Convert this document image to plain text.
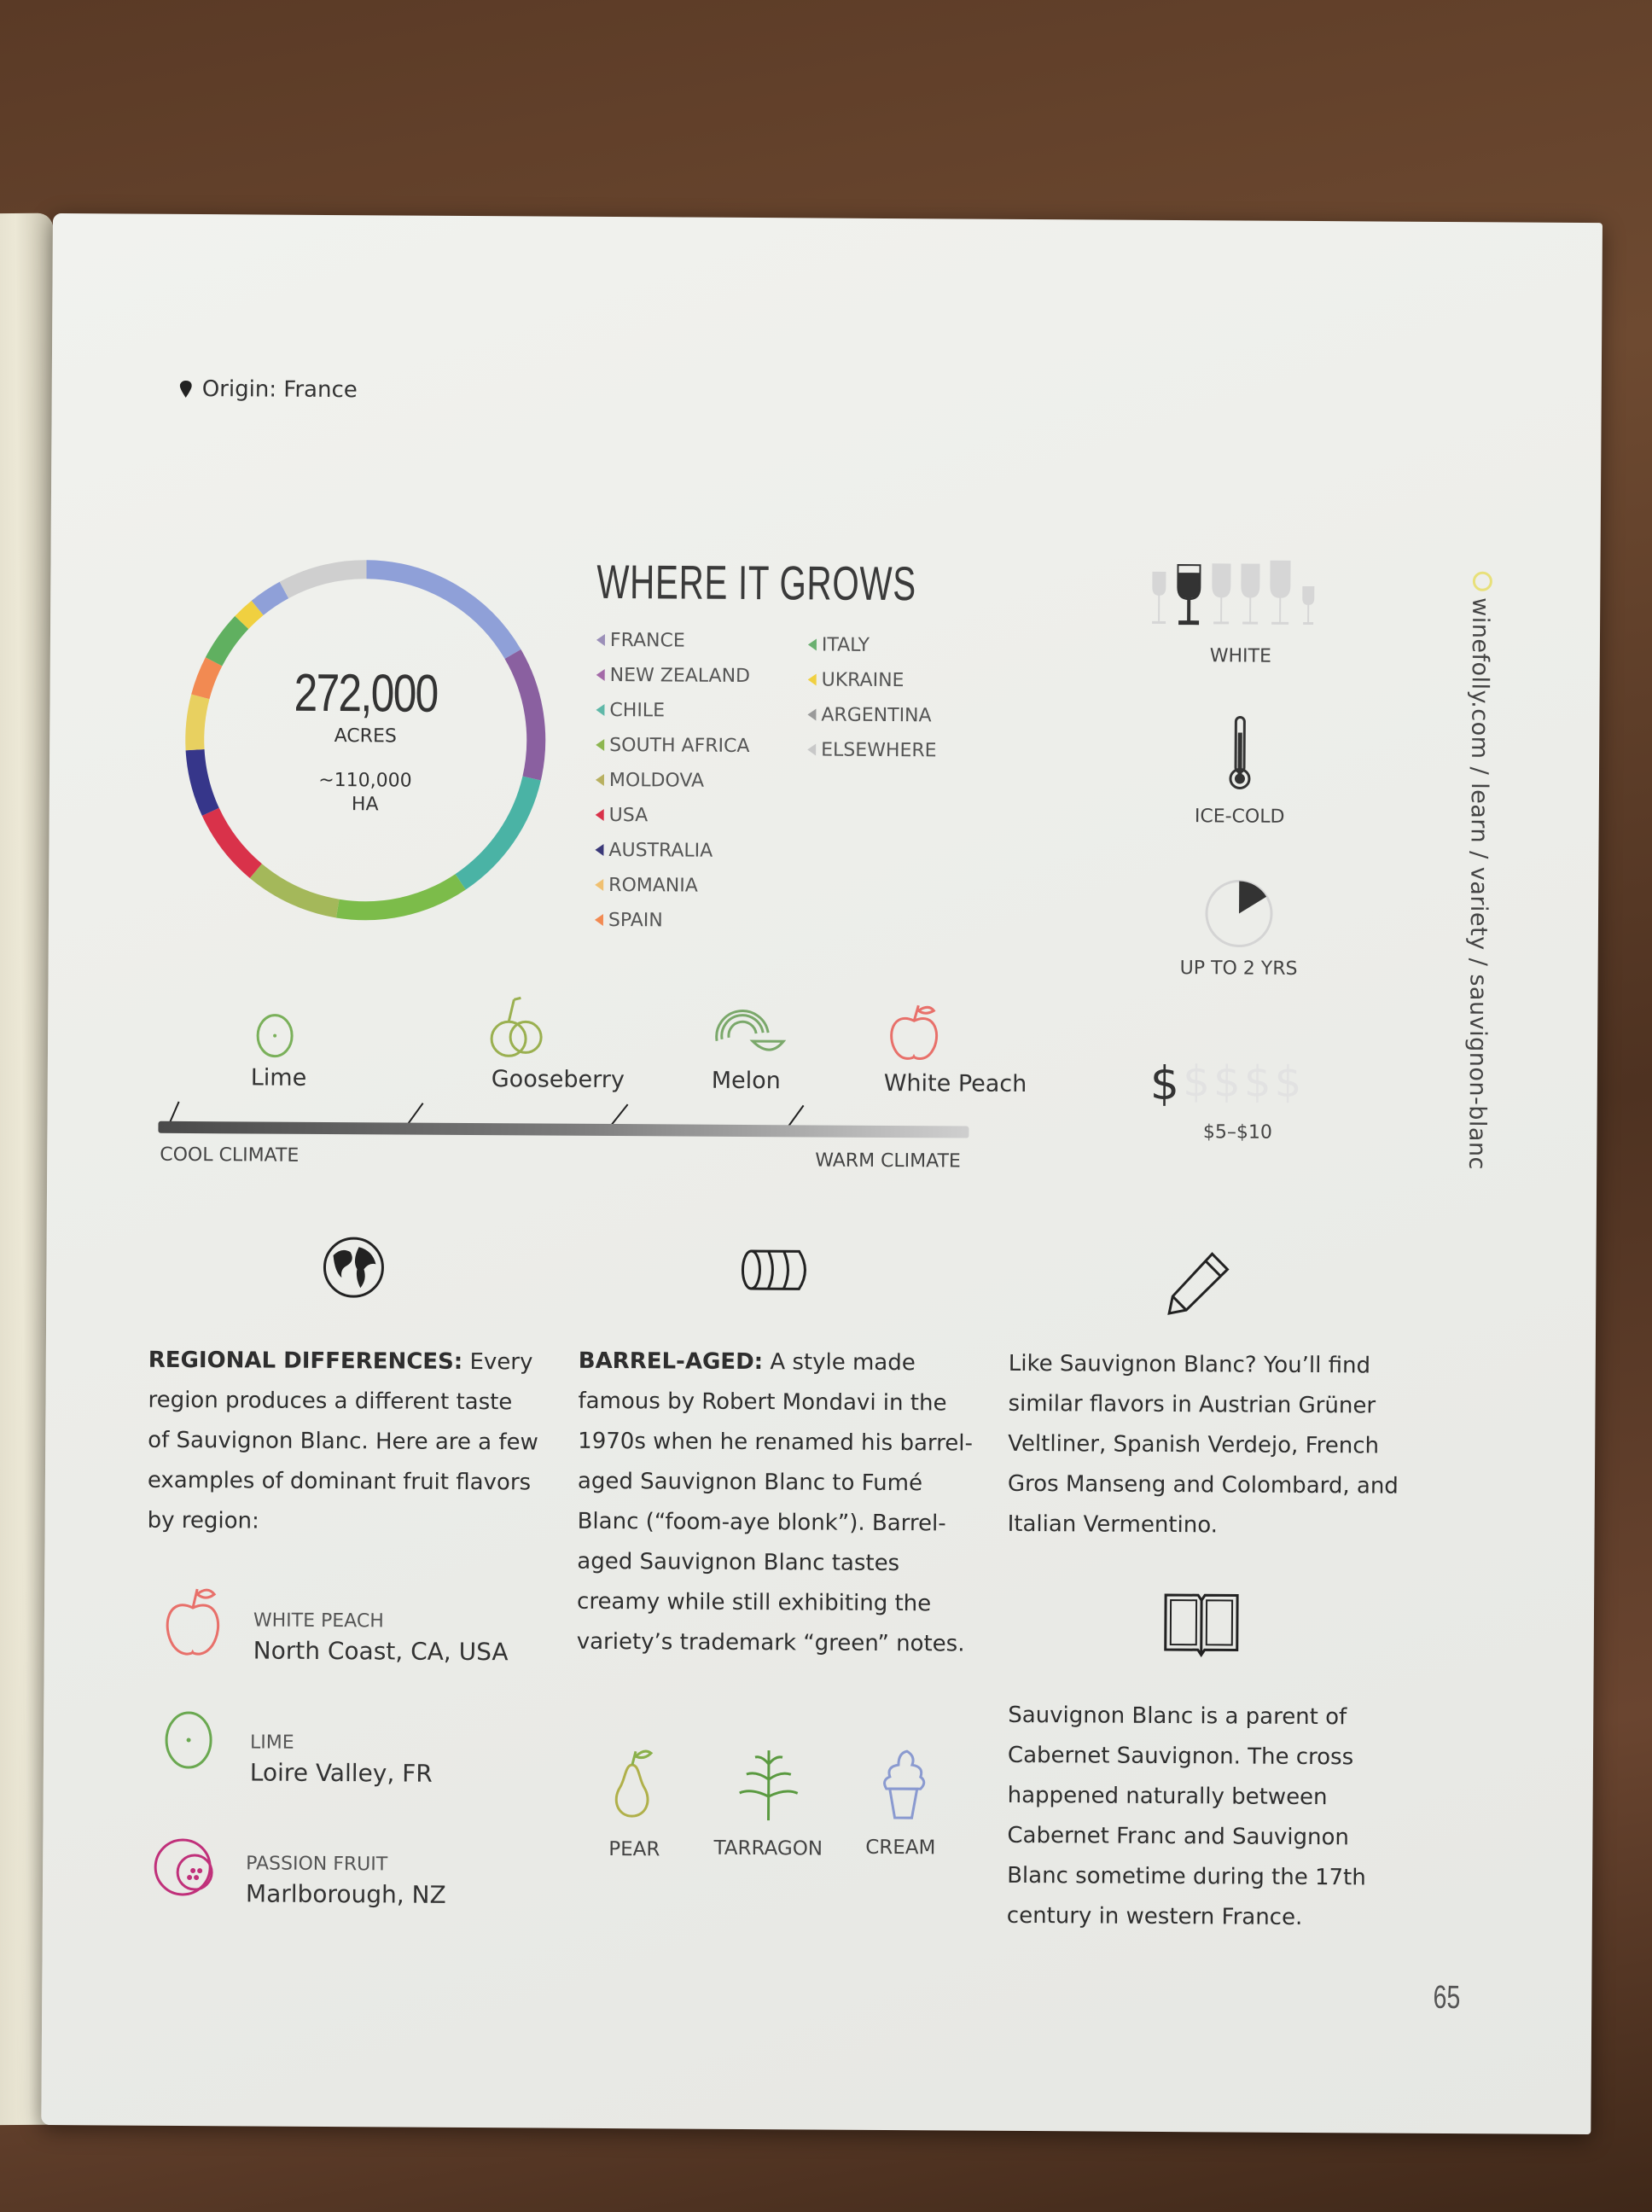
Origin: France
272,000
ACRES
~110,000
HA
WHERE IT GROWS
FRANCE
NEW ZEALAND
CHILE
SOUTH AFRICA
MOLDOVA
USA
AUSTRALIA
ROMANIA
SPAIN
ITALY
UKRAINE
ARGENTINA
ELSEWHERE
WHITE
ICE-COLD
UP TO 2 YRS
$ $ $ $ $
$5–$10	winefolly.com / learn / variety / sauvignon-blanc
Lime	Gooseberry	Melon	White Peach
COOL CLIMATE	WARM CLIMATE
REGIONAL DIFFERENCES: Every region produces a different taste of Sauvignon Blanc. Here are a few examples of dominant fruit flavors by region:
WHITE PEACH
North Coast, CA, USA
LIME
Loire Valley, FR
PASSION FRUIT
Marlborough, NZ
BARREL-AGED: A style made famous by Robert Mondavi in the 1970s when he renamed his barrel-aged Sauvignon Blanc to Fumé Blanc (“foom-aye blonk”). Barrel-aged Sauvignon Blanc tastes creamy while still exhibiting the variety’s trademark “green” notes.
PEAR	TARRAGON	CREAM
Like Sauvignon Blanc? You’ll find similar flavors in Austrian Grüner Veltliner, Spanish Verdejo, French Gros Manseng and Colombard, and Italian Vermentino.
Sauvignon Blanc is a parent of Cabernet Sauvignon. The cross happened naturally between Cabernet Franc and Sauvignon Blanc sometime during the 17th century in western France.
65
